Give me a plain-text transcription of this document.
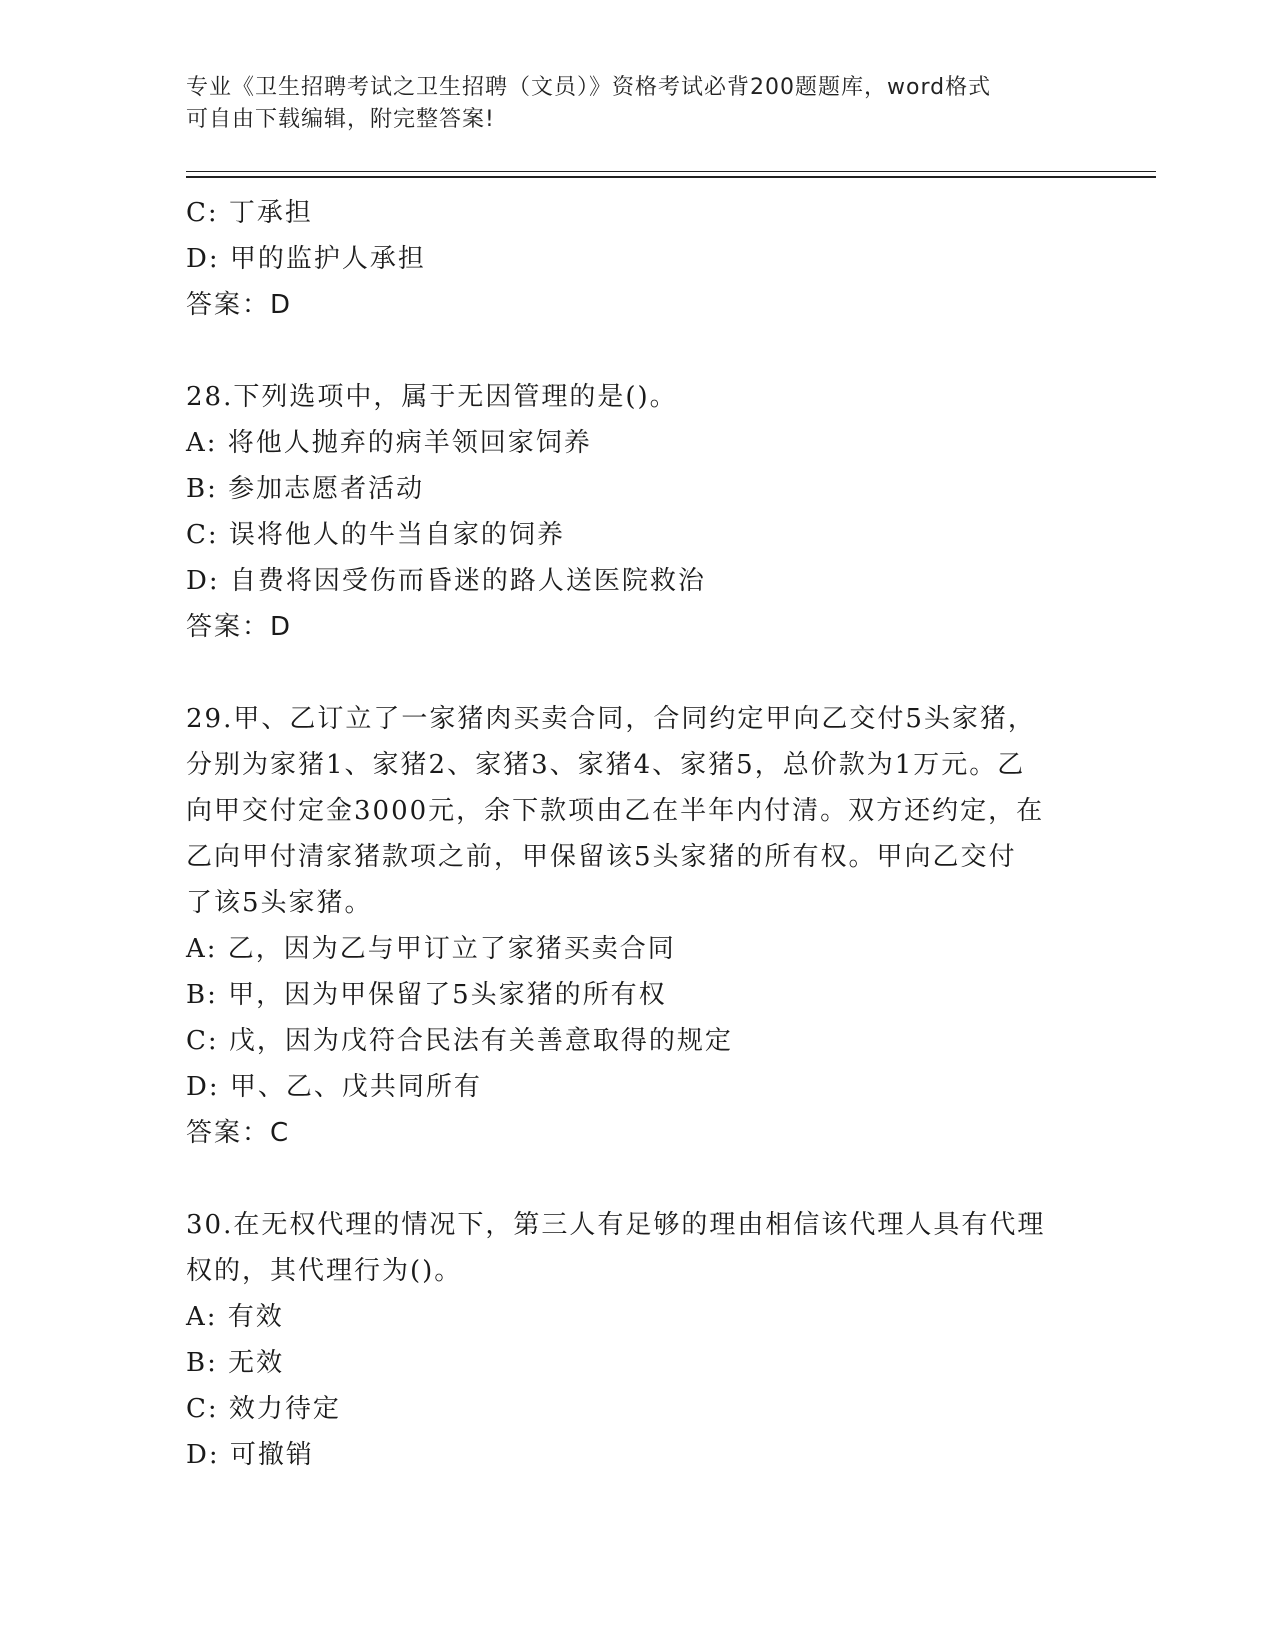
专业《卫生招聘考试之卫生招聘（文员）》资格考试必背200题题库，word格式
可自由下载编辑，附完整答案!
C: 丁承担
D: 甲的监护人承担
答案：D
28.下列选项中，属于无因管理的是()。
A: 将他人抛弃的病羊领回家饲养
B: 参加志愿者活动
C: 误将他人的牛当自家的饲养
D: 自费将因受伤而昏迷的路人送医院救治
答案：D
29.甲、乙订立了一家猪肉买卖合同，合同约定甲向乙交付5头家猪，
分别为家猪1、家猪2、家猪3、家猪4、家猪5，总价款为1万元。乙
向甲交付定金3000元，余下款项由乙在半年内付清。双方还约定，在
乙向甲付清家猪款项之前，甲保留该5头家猪的所有权。甲向乙交付
了该5头家猪。
A: 乙，因为乙与甲订立了家猪买卖合同
B: 甲，因为甲保留了5头家猪的所有权
C: 戊，因为戊符合民法有关善意取得的规定
D: 甲、乙、戊共同所有
答案：C
30.在无权代理的情况下，第三人有足够的理由相信该代理人具有代理
权的，其代理行为()。
A: 有效
B: 无效
C: 效力待定
D: 可撤销
